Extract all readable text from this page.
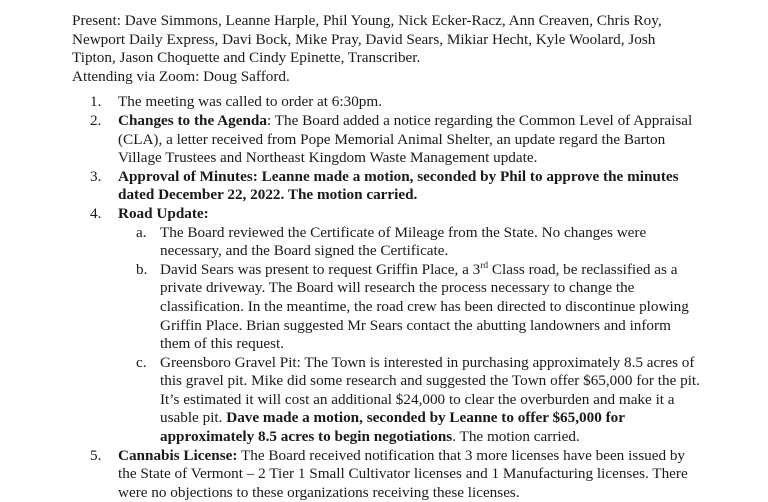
Present: Dave Simmons, Leanne Harple, Phil Young, Nick Ecker-Racz, Ann Creaven, Chris Roy, Newport Daily Express, Davi Bock, Mike Pray, David Sears, Mikiar Hecht, Kyle Woolard, Josh Tipton, Jason Choquette and Cindy Epinette, Transcriber.

Attending via Zoom: Doug Safford.

1.	The meeting was called to order at 6:30pm.
2.	Changes to the Agenda: The Board added a notice regarding the Common Level of Appraisal (CLA), a letter received from Pope Memorial Animal Shelter, an update regard the Barton Village Trustees and Northeast Kingdom Waste Management update.
3.	Approval of Minutes: Leanne made a motion, seconded by Phil to approve the minutes dated December 22, 2022. The motion carried.
4.	Road Update:
a. The Board reviewed the Certificate of Mileage from the State. No changes were necessary, and the Board signed the Certificate.
b. David Sears was present to request Griffin Place, a 3rd Class road, be reclassified as a private driveway. The Board will research the process necessary to change the classification. In the meantime, the road crew has been directed to discontinue plowing Griffin Place. Brian suggested Mr Sears contact the abutting landowners and inform them of this request.
c. Greensboro Gravel Pit: The Town is interested in purchasing approximately 8.5 acres of this gravel pit. Mike did some research and suggested the Town offer $65,000 for the pit. It’s estimated it will cost an additional $24,000 to clear the overburden and make it a usable pit. Dave made a motion, seconded by Leanne to offer $65,000 for approximately 8.5 acres to begin negotiations. The motion carried.
5.	Cannabis License: The Board received notification that 3 more licenses have been issued by the State of Vermont – 2 Tier 1 Small Cultivator licenses and 1 Manufacturing licenses. There were no objections to these organizations receiving these licenses.
